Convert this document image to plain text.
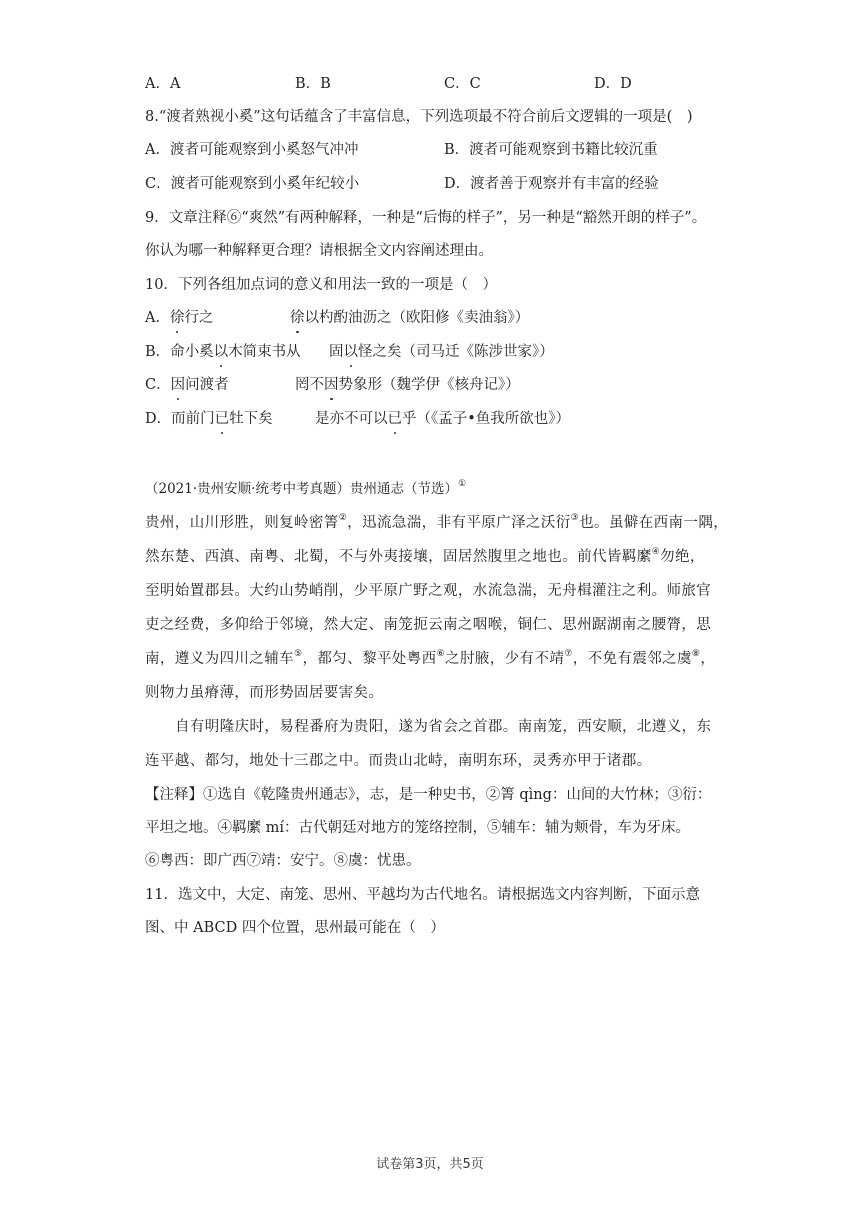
A．A	B．B	C．C	D．D
8.“渡者熟视小奚”这句话蕴含了丰富信息，下列选项最不符合前后文逻辑的一项是(　)
A．渡者可能观察到小奚怒气冲冲	B．渡者可能观察到书籍比较沉重
C．渡者可能观察到小奚年纪较小	D．渡者善于观察并有丰富的经验
9．文章注释⑥“爽然”有两种解释，一种是“后悔的样子”，另一种是“豁然开朗的样子”。
你认为哪一种解释更合理？请根据全文内容阐述理由。
10．下列各组加点词的意义和用法一致的一项是（　）
A．徐行之	徐以杓酌油沥之（欧阳修《卖油翁》）
B．命小奚以木简束书从 固以怪之矣（司马迁《陈涉世家》）
C．因问渡者	罔不因势象形（魏学伊《核舟记》）
D．而前门已牡下矣	是亦不可以已乎（《孟子•鱼我所欲也》）
（2021·贵州安顺·统考中考真题）贵州通志（节选）①
贵州，山川形胜，则复岭密箐②，迅流急湍，非有平原广泽之沃衍③也。虽僻在西南一隅，
然东楚、西滇、南粤、北蜀，不与外夷接壤，固居然腹里之地也。前代皆羁縻④勿绝，
至明始置郡县。大约山势峭削，少平原广野之观，水流急湍，无舟楫灌注之利。师旅官
吏之经费，多仰给于邻境，然大定、南笼扼云南之咽喉，铜仁、思州踞湖南之腰膂，思
南，遵义为四川之辅车⑤，都匀、黎平处粤西⑥之肘腋，少有不靖⑦，不免有震邻之虞⑧，
则物力虽瘠薄，而形势固居要害矣。
自有明隆庆时，易程番府为贵阳，遂为省会之首郡。南南笼，西安顺，北遵义，东
连平越、都匀，地处十三郡之中。而贵山北峙，南明东环，灵秀亦甲于诸郡。
【注释】①选自《乾隆贵州通志》，志，是一种史书，②箐 qìng：山间的大竹林；③衍：
平坦之地。④羁縻 mí：古代朝廷对地方的笼络控制，⑤辅车：辅为颊骨，车为牙床。
⑥粤西：即广西⑦靖：安宁。⑧虞：忧患。
11．选文中，大定、南笼、思州、平越均为古代地名。请根据选文内容判断，下面示意
图、中 ABCD 四个位置，思州最可能在（　）
试卷第3页，共5页
